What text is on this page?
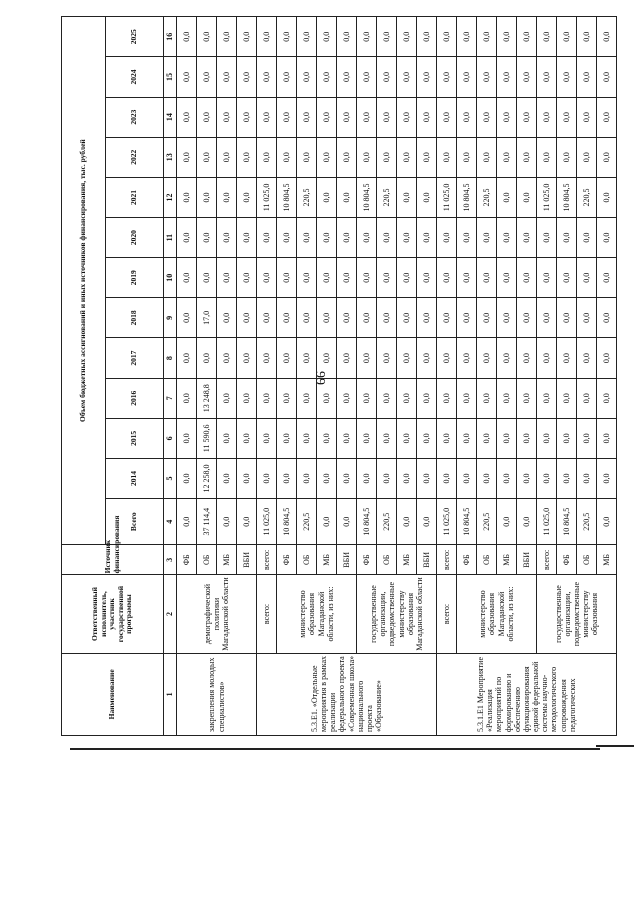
99
Наименование	Ответственный исполнитель, участник государственной программы	Источник финансирования	Объем бюджетных ассигнований и иных источников финансирования, тыс. рублей												
			Всего	2014	2015	2016	2017	2018	2019	2020	2021	2022	2023	2024	2025
1	2	3	4	5	6	7	8	9	10	11	12	13	14	15	16
закрепления молодых специалистов»	демографической политики Магаданской области	ФБ	0,0	0,0	0,0	0,0	0,0	0,0	0,0	0,0	0,0	0,0	0,0	0,0	0,0
		ОБ	37 114,4	12 258,0	11 590,6	13 248,8	0,0	17,0	0,0	0,0	0,0	0,0	0,0	0,0	0,0
		МБ	0,0	0,0	0,0	0,0	0,0	0,0	0,0	0,0	0,0	0,0	0,0	0,0	0,0
		ВБИ	0,0	0,0	0,0	0,0	0,0	0,0	0,0	0,0	0,0	0,0	0,0	0,0	0,0
5.3.Е1. «Отдельные мероприятия в рамках реализации федерального проекта «Современная школа» национального проекта «Образование»	всего:	всего:	11 025,0	0,0	0,0	0,0	0,0	0,0	0,0	0,0	11 025,0	0,0	0,0	0,0	0,0
	министерство образования Магаданской области, из них:	ФБ	10 804,5	0,0	0,0	0,0	0,0	0,0	0,0	0,0	10 804,5	0,0	0,0	0,0	0,0
		ОБ	220,5	0,0	0,0	0,0	0,0	0,0	0,0	0,0	220,5	0,0	0,0	0,0	0,0
		МБ	0,0	0,0	0,0	0,0	0,0	0,0	0,0	0,0	0,0	0,0	0,0	0,0	0,0
		ВБИ	0,0	0,0	0,0	0,0	0,0	0,0	0,0	0,0	0,0	0,0	0,0	0,0	0,0
	государственные организации, подведомственные министерству образования Магаданской области	ФБ	10 804,5	0,0	0,0	0,0	0,0	0,0	0,0	0,0	10 804,5	0,0	0,0	0,0	0,0
		ОБ	220,5	0,0	0,0	0,0	0,0	0,0	0,0	0,0	220,5	0,0	0,0	0,0	0,0
		МБ	0,0	0,0	0,0	0,0	0,0	0,0	0,0	0,0	0,0	0,0	0,0	0,0	0,0
		ВБИ	0,0	0,0	0,0	0,0	0,0	0,0	0,0	0,0	0,0	0,0	0,0	0,0	0,0
5.3.1.Е1 Мероприятие «Реализация мероприятий по формированию и обеспечению функционирования единой федеральной системы научно-методологического сопровождения педагогических	всего:	всего:	11 025,0	0,0	0,0	0,0	0,0	0,0	0,0	0,0	11 025,0	0,0	0,0	0,0	0,0
	министерство образования Магаданской области, из них:	ФБ	10 804,5	0,0	0,0	0,0	0,0	0,0	0,0	0,0	10 804,5	0,0	0,0	0,0	0,0
		ОБ	220,5	0,0	0,0	0,0	0,0	0,0	0,0	0,0	220,5	0,0	0,0	0,0	0,0
		МБ	0,0	0,0	0,0	0,0	0,0	0,0	0,0	0,0	0,0	0,0	0,0	0,0	0,0
		ВБИ	0,0	0,0	0,0	0,0	0,0	0,0	0,0	0,0	0,0	0,0	0,0	0,0	0,0
	государственные организации, подведомственные министерству образования	всего:	11 025,0	0,0	0,0	0,0	0,0	0,0	0,0	0,0	11 025,0	0,0	0,0	0,0	0,0
		ФБ	10 804,5	0,0	0,0	0,0	0,0	0,0	0,0	0,0	10 804,5	0,0	0,0	0,0	0,0
		ОБ	220,5	0,0	0,0	0,0	0,0	0,0	0,0	0,0	220,5	0,0	0,0	0,0	0,0
		МБ	0,0	0,0	0,0	0,0	0,0	0,0	0,0	0,0	0,0	0,0	0,0	0,0	0,0
